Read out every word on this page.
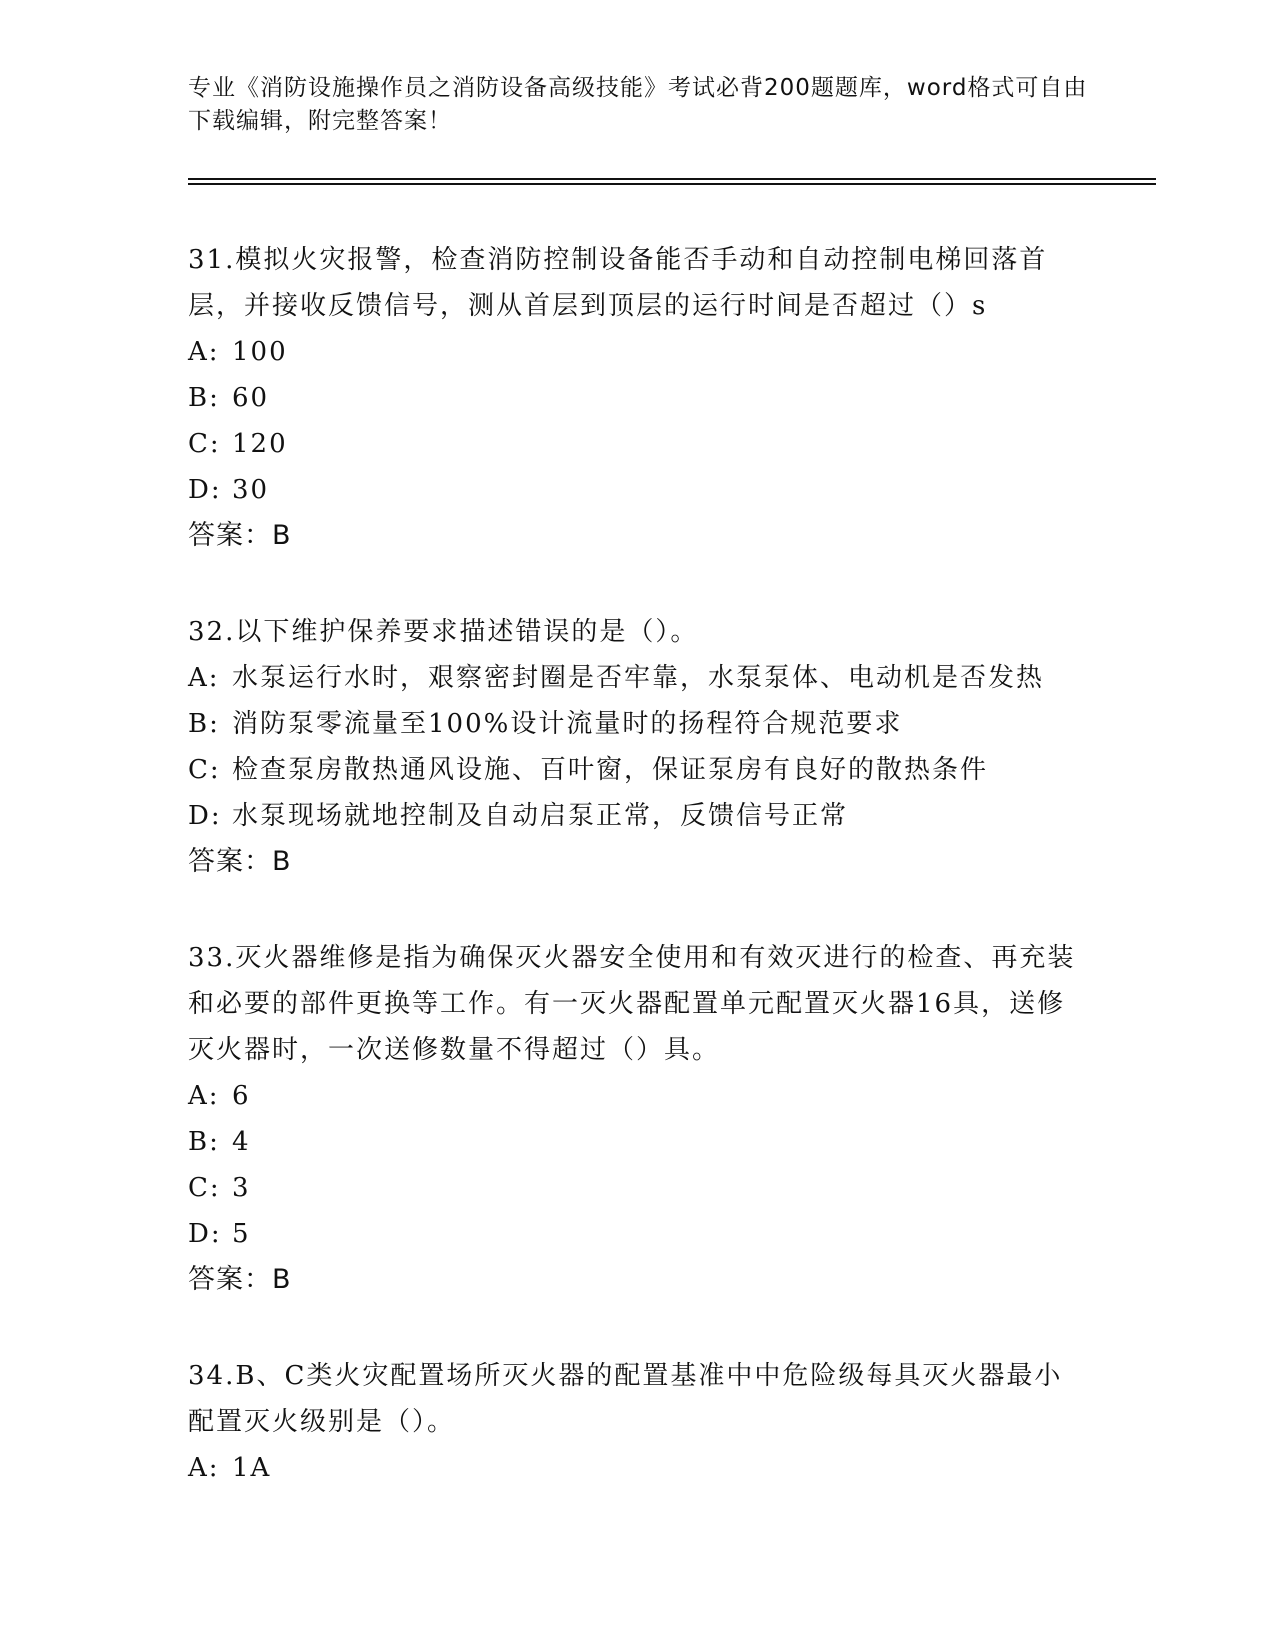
专业《消防设施操作员之消防设备高级技能》考试必背200题题库，word格式可自由下载编辑，附完整答案！
31.模拟火灾报警，检查消防控制设备能否手动和自动控制电梯回落首层，并接收反馈信号，测从首层到顶层的运行时间是否超过（）s
A: 100
B: 60
C: 120
D: 30
答案：B
32.以下维护保养要求描述错误的是（）。
A: 水泵运行水时，艰察密封圈是否牢靠，水泵泵体、电动机是否发热
B: 消防泵零流量至100%设计流量时的扬程符合规范要求
C: 检查泵房散热通风设施、百叶窗，保证泵房有良好的散热条件
D: 水泵现场就地控制及自动启泵正常，反馈信号正常
答案：B
33.灭火器维修是指为确保灭火器安全使用和有效灭进行的检查、再充装和必要的部件更换等工作。有一灭火器配置单元配置灭火器16具，送修灭火器时，一次送修数量不得超过（）具。
A: 6
B: 4
C: 3
D: 5
答案：B
34.B、C类火灾配置场所灭火器的配置基准中中危险级每具灭火器最小配置灭火级别是（）。
A: 1A
